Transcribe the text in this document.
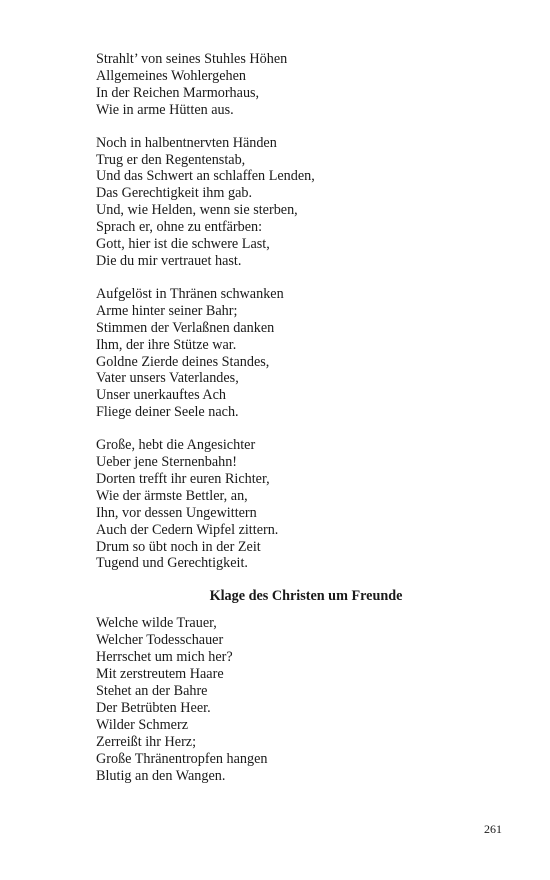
Strahlt’ von seines Stuhles Höhen
Allgemeines Wohlergehen
In der Reichen Marmorhaus,
Wie in arme Hütten aus.
Noch in halbentnervten Händen
Trug er den Regentenstab,
Und das Schwert an schlaffen Lenden,
Das Gerechtigkeit ihm gab.
Und, wie Helden, wenn sie sterben,
Sprach er, ohne zu entfärben:
Gott, hier ist die schwere Last,
Die du mir vertrauet hast.
Aufgelöst in Thränen schwanken
Arme hinter seiner Bahr;
Stimmen der Verlaßnen danken
Ihm, der ihre Stütze war.
Goldne Zierde deines Standes,
Vater unsers Vaterlandes,
Unser unerkauftes Ach
Fliege deiner Seele nach.
Große, hebt die Angesichter
Ueber jene Sternenbahn!
Dorten trefft ihr euren Richter,
Wie der ärmste Bettler, an,
Ihn, vor dessen Ungewittern
Auch der Cedern Wipfel zittern.
Drum so übt noch in der Zeit
Tugend und Gerechtigkeit.
Klage des Christen um Freunde
Welche wilde Trauer,
Welcher Todesschauer
Herrschet um mich her?
Mit zerstreutem Haare
Stehet an der Bahre
Der Betrübten Heer.
Wilder Schmerz
Zerreißt ihr Herz;
Große Thränentropfen hangen
Blutig an den Wangen.
261
